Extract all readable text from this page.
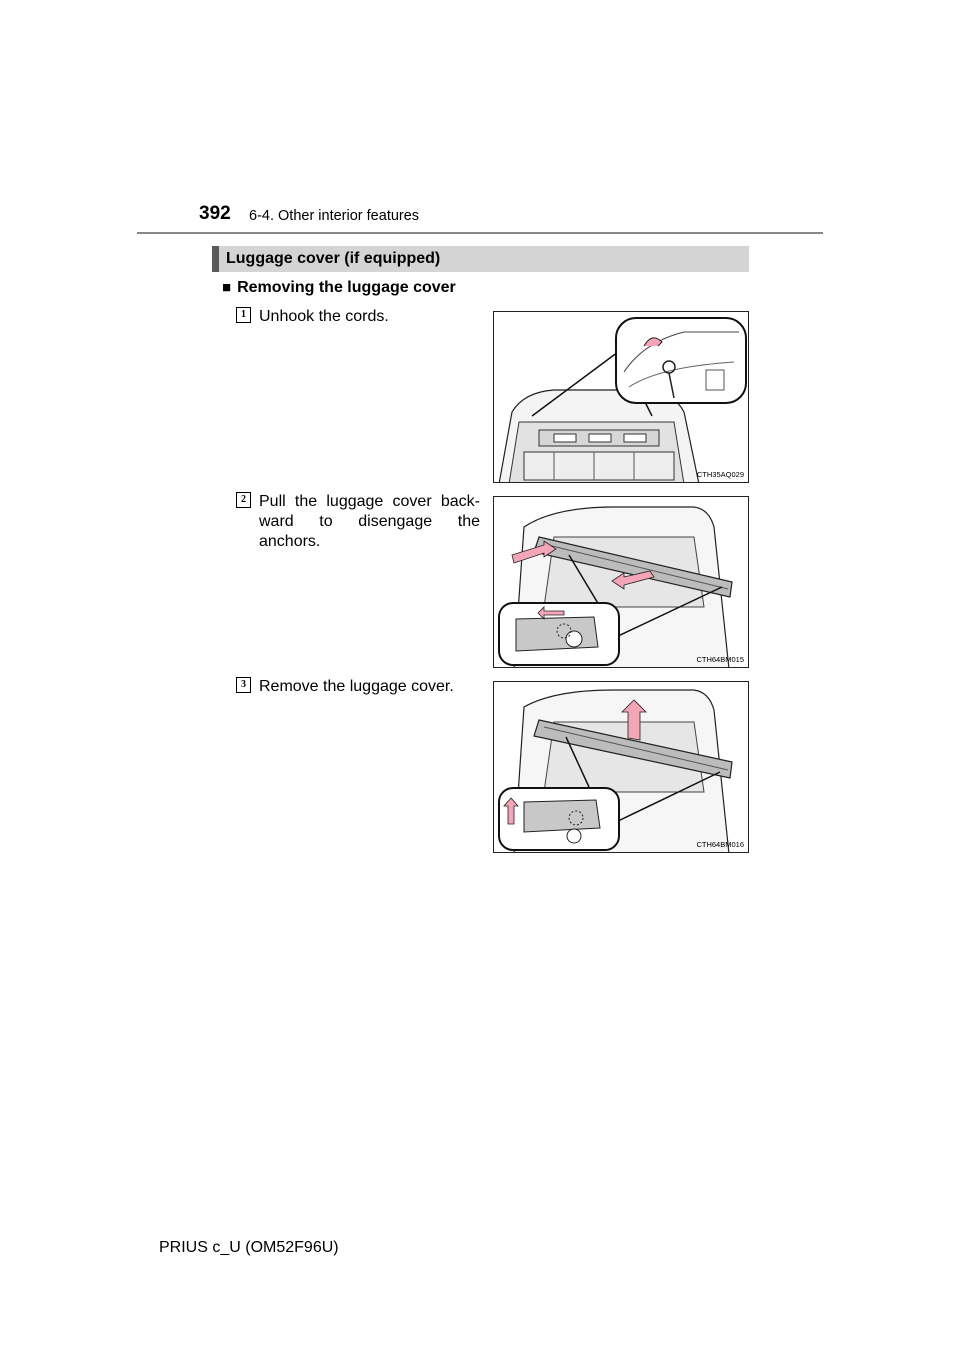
392 6-4. Other interior features
Luggage cover (if equipped)
■ Removing the luggage cover
1 Unhook the cords.
CTH35AQ029
2 Pull the luggage cover back-ward to disengage the anchors.
CTH64BM015
3 Remove the luggage cover.
CTH64BM016
PRIUS c_U (OM52F96U)
